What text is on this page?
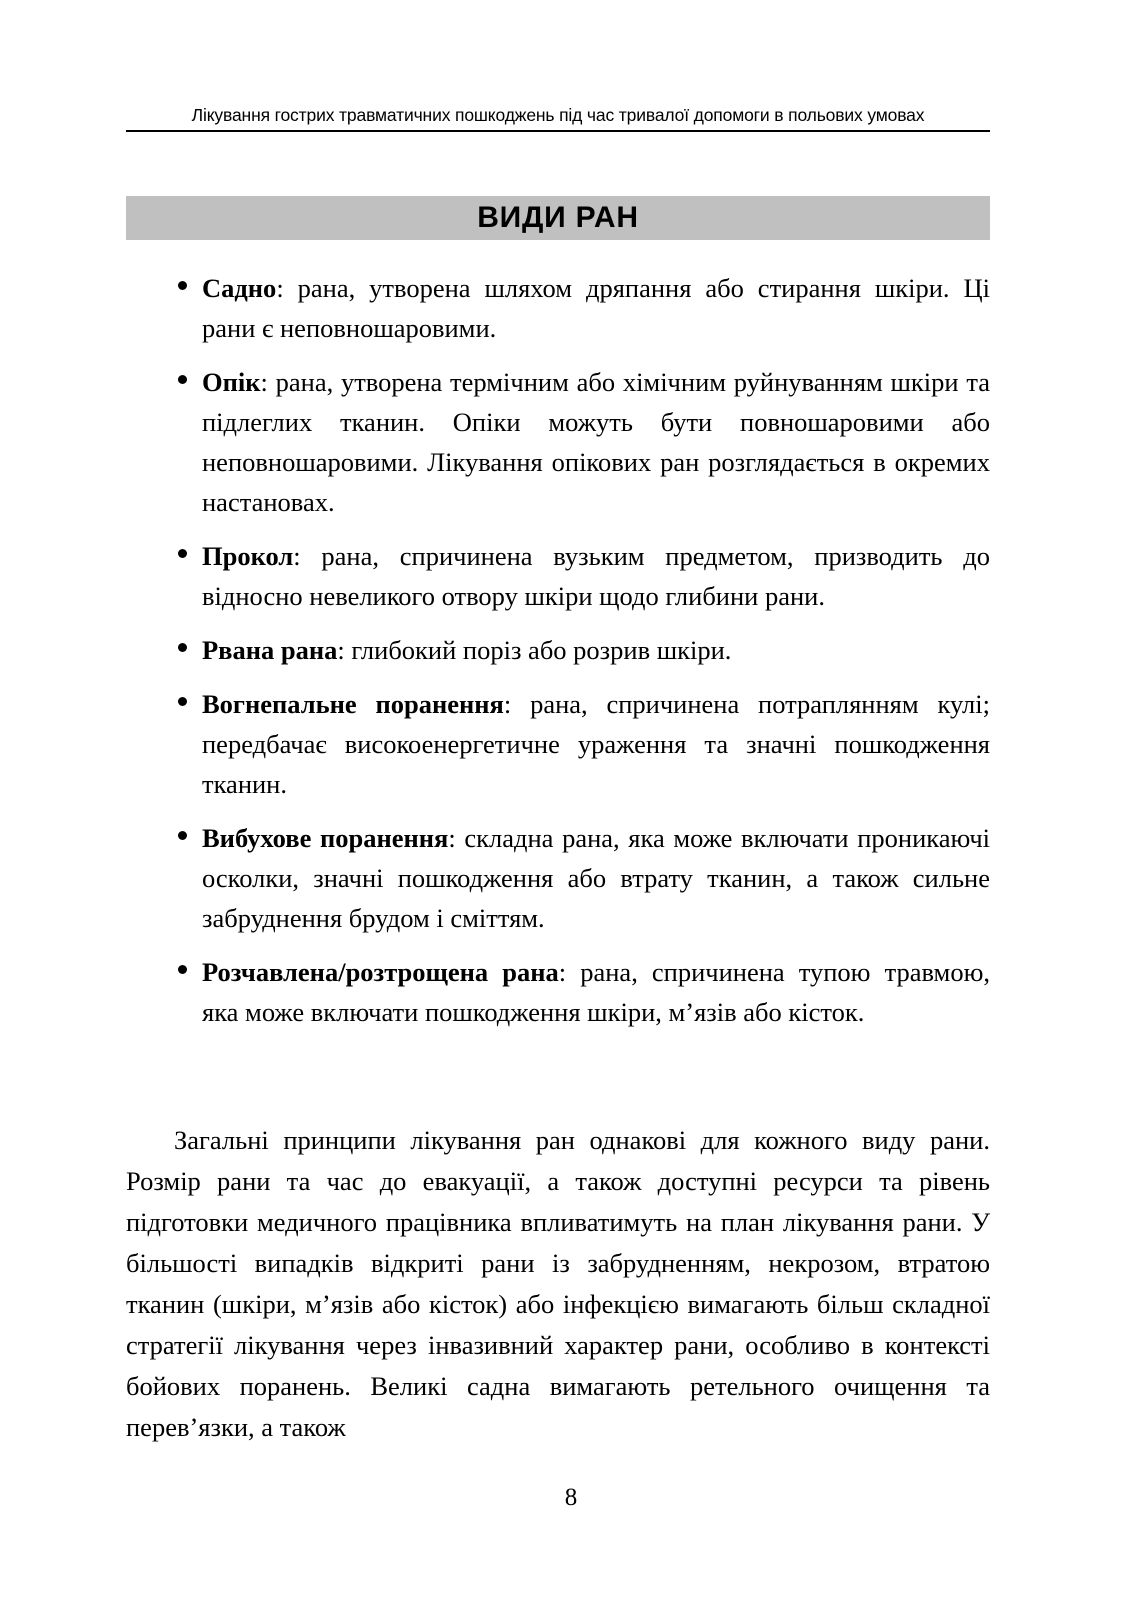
Лікування гострих травматичних пошкоджень під час тривалої допомоги в польових умовах
ВИДИ РАН
Садно: рана, утворена шляхом дряпання або стирання шкіри. Ці рани є неповношаровими.
Опік: рана, утворена термічним або хімічним руйнуванням шкіри та підлеглих тканин. Опіки можуть бути повношаровими або неповношаровими. Лікування опікових ран розглядається в окремих настановах.
Прокол: рана, спричинена вузьким предметом, призводить до відносно невеликого отвору шкіри щодо глибини рани.
Рвана рана: глибокий поріз або розрив шкіри.
Вогнепальне поранення: рана, спричинена потраплянням кулі; передбачає високоенергетичне ураження та значні пошкодження тканин.
Вибухове поранення: складна рана, яка може включати проникаючі осколки, значні пошкодження або втрату тканин, а також сильне забруднення брудом і сміттям.
Розчавлена/розтрощена рана: рана, спричинена тупою травмою, яка може включати пошкодження шкіри, м’язів або кісток.

Загальні принципи лікування ран однакові для кожного виду рани. Розмір рани та час до евакуації, а також доступні ресурси та рівень підготовки медичного працівника впливатимуть на план лікування рани. У більшості випадків відкриті рани із забрудненням, некрозом, втратою тканин (шкіри, м’язів або кісток) або інфекцією вимагають більш складної стратегії лікування через інвазивний характер рани, особливо в контексті бойових поранень. Великі садна вимагають ретельного очищення та перев’язки, а також

8
